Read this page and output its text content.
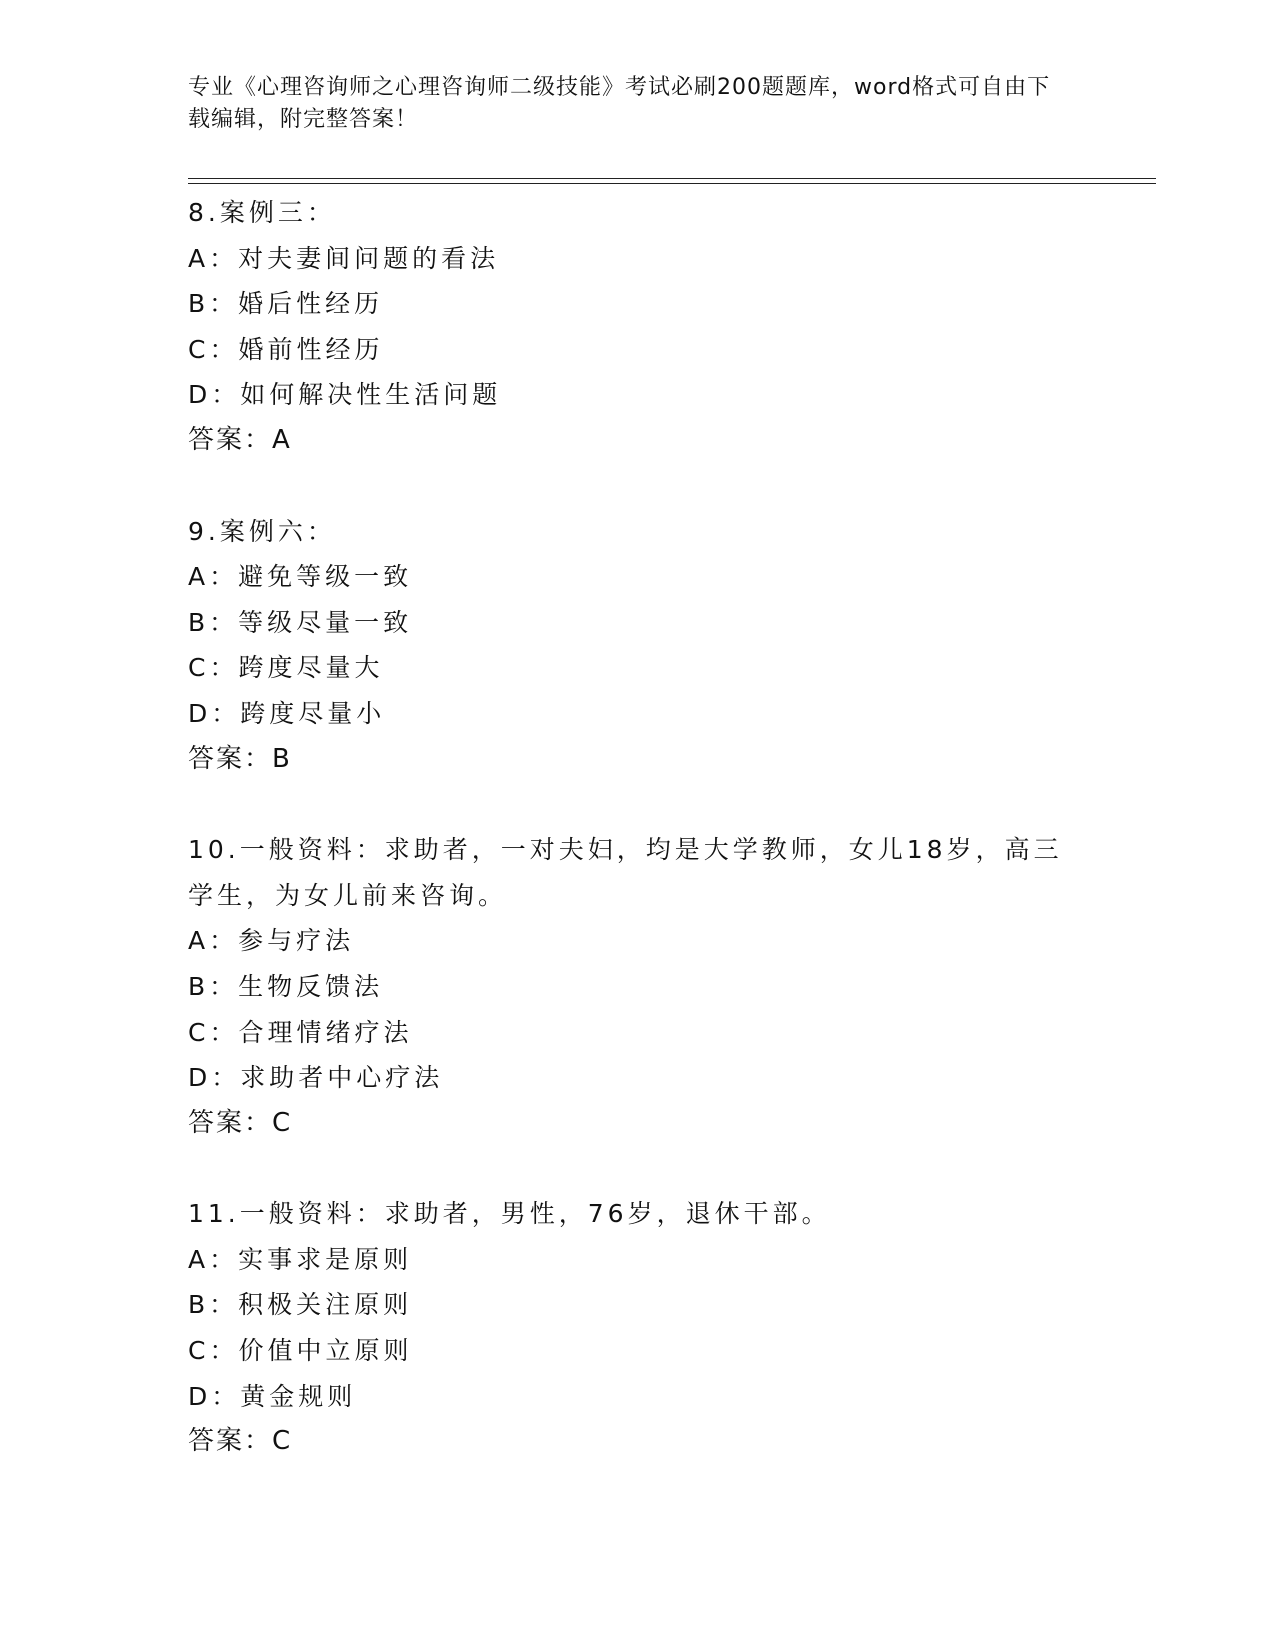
专业《心理咨询师之心理咨询师二级技能》考试必刷200题题库，word格式可自由下载编辑，附完整答案！
8.案例三：
A：对夫妻间问题的看法
B：婚后性经历
C：婚前性经历
D：如何解决性生活问题
答案：A
9.案例六：
A：避免等级一致
B：等级尽量一致
C：跨度尽量大
D：跨度尽量小
答案：B
10.一般资料：求助者，一对夫妇，均是大学教师，女儿18岁，高三
学生，为女儿前来咨询。
A：参与疗法
B：生物反馈法
C：合理情绪疗法
D：求助者中心疗法
答案：C
11.一般资料：求助者，男性，76岁，退休干部。
A：实事求是原则
B：积极关注原则
C：价值中立原则
D：黄金规则
答案：C
